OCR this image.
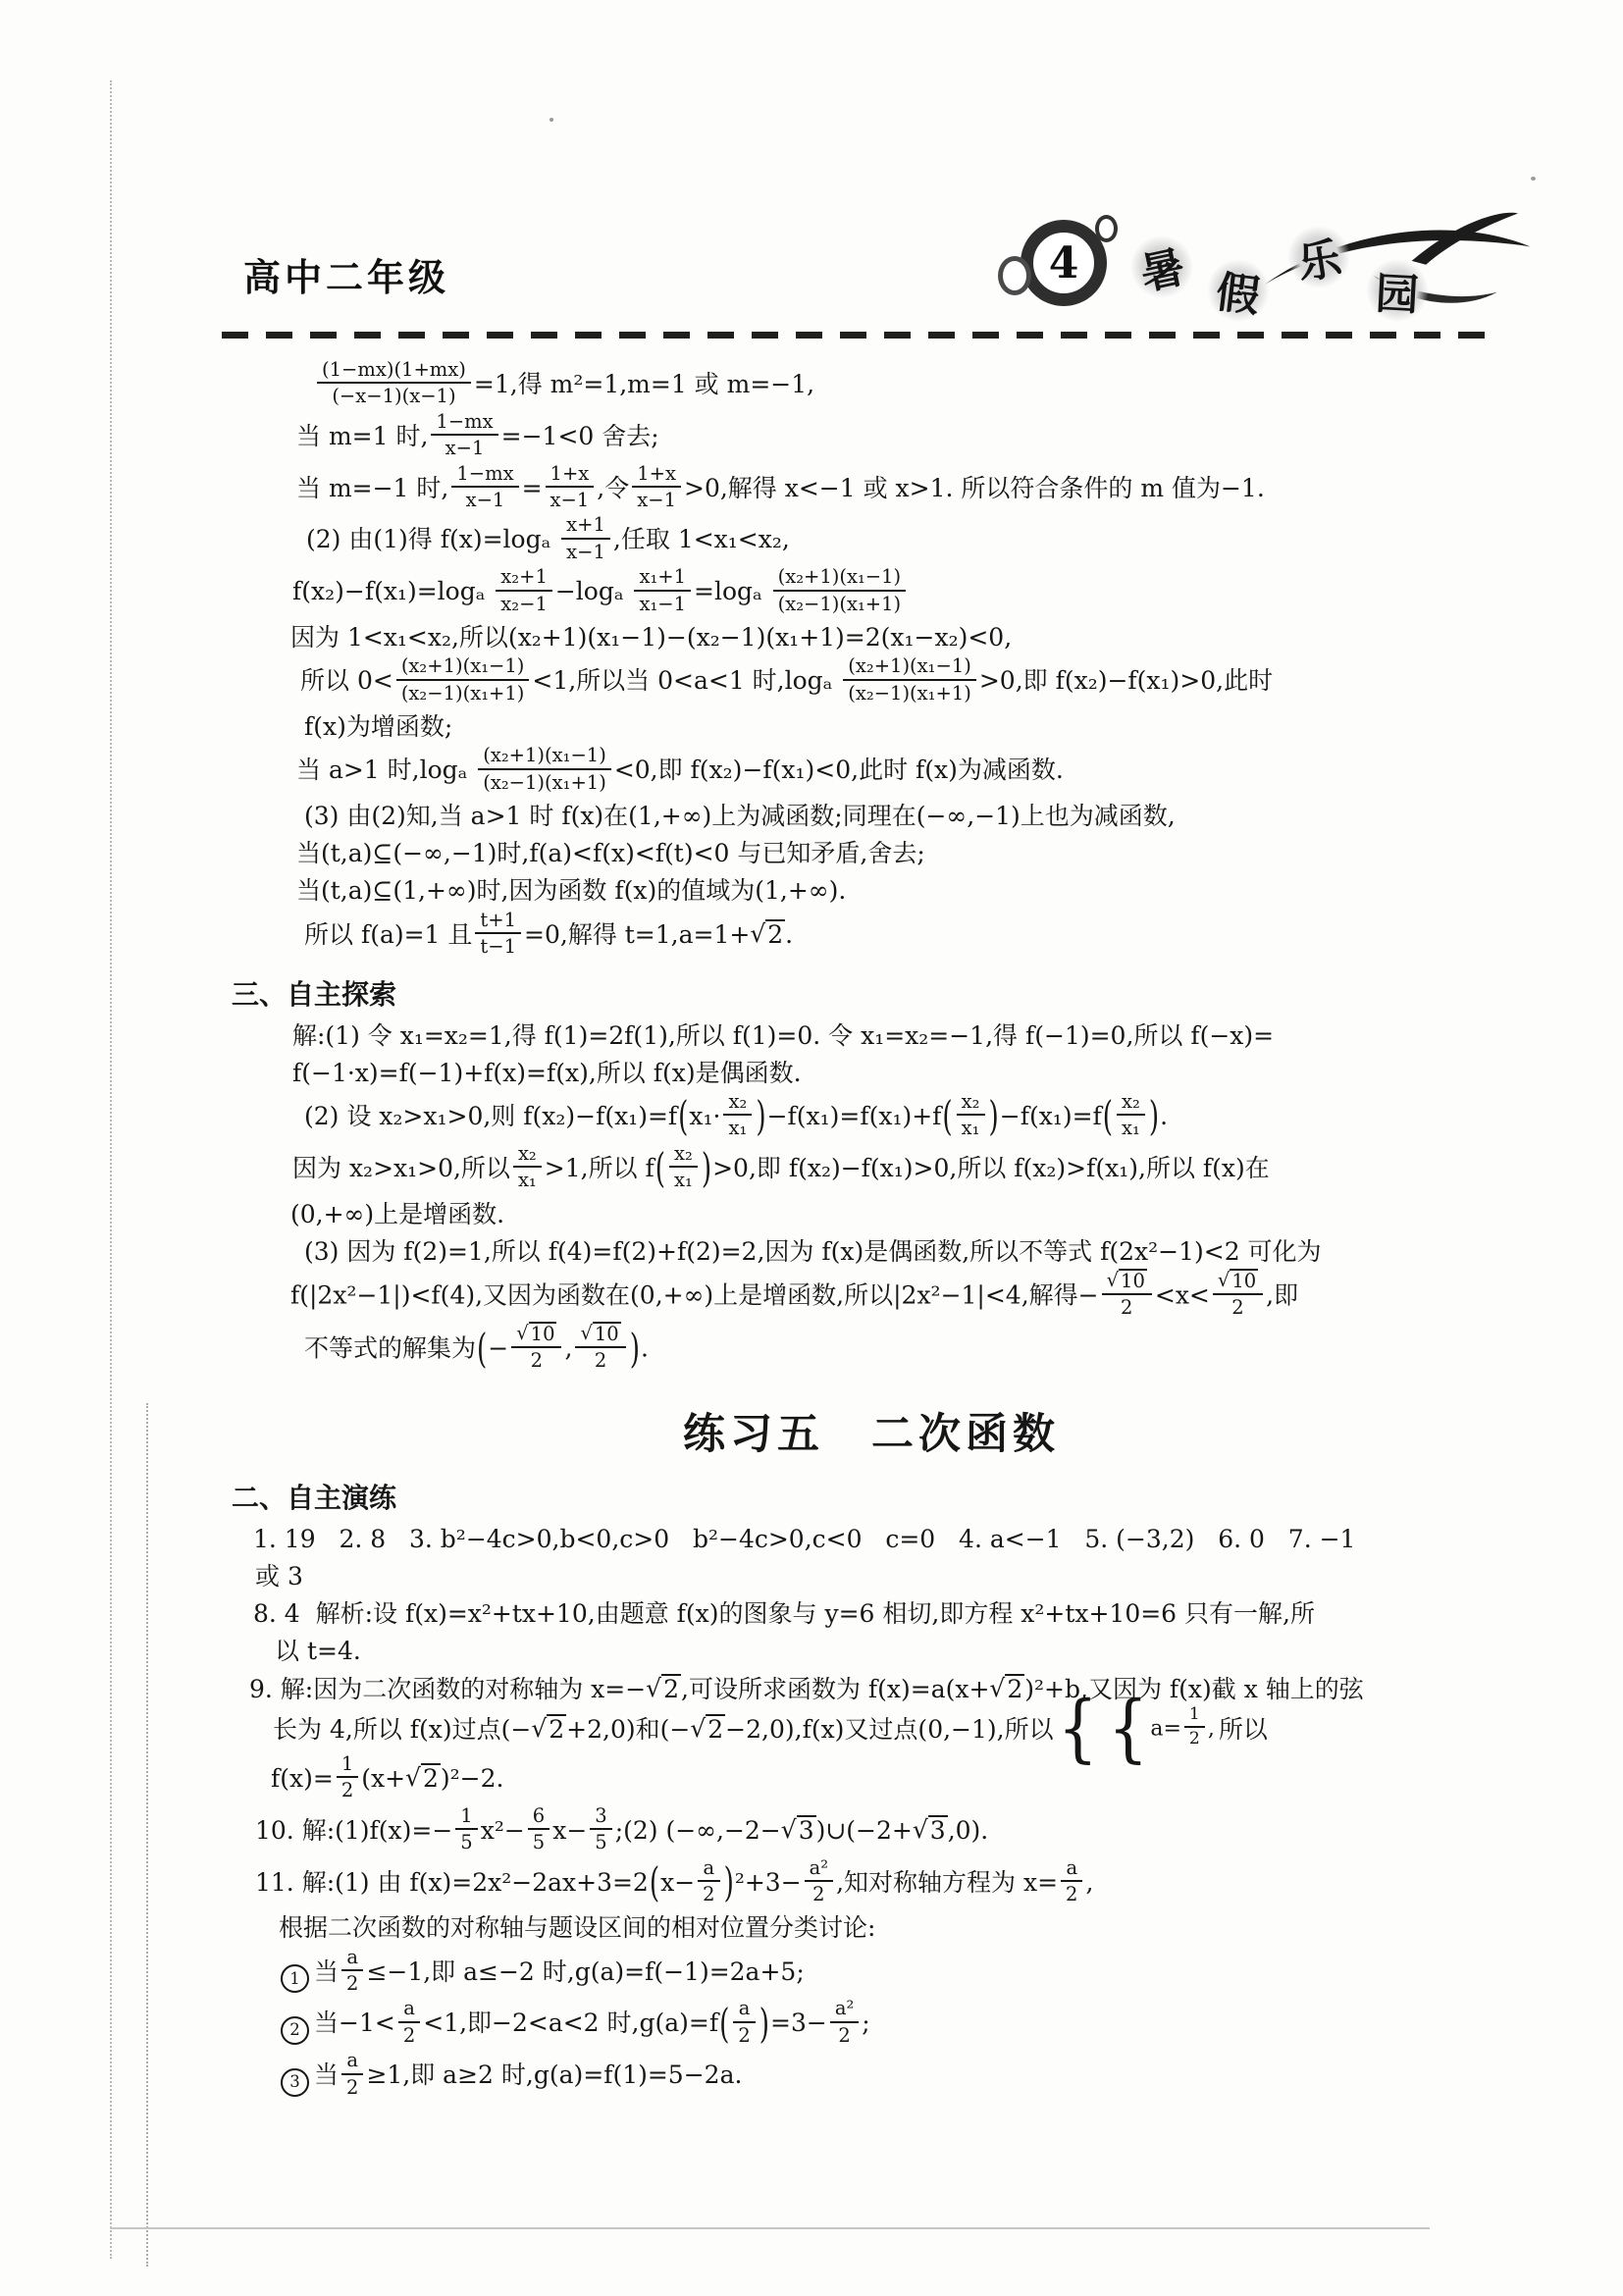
高中二年级	4 暑 假
乐
园
$\frac{(1-mx)(1+mx)}{(-x-1)(x-1)} =1$,得 m²=1,m=1 或 m=−1,
当 m=1 时, $\frac{1-mx}{x-1} =-1<0$ 舍去;
当 m=−1 时, $\frac{1-mx}{x-1} = \frac{1+x}{x-1}$ ,令 $\frac{1+x}{x-1} >0$,解得 x<−1 或 x>1. 所以符合条件的 m 值为−1.
(2) 由(1)得 $f(x)=\log_a \frac{x+1}{x-1}$ ,任取 1<x₁<x₂,
$f(x_2)-f(x_1)=\log_a \frac{\text{x₂+1}}{\text{x₂−1}} -\log_a \frac{\text{x₁+1}}{\text{x₁−1}} =\log_a \frac{\text{(x₂+1)(x₁−1)}}{\text{(x₂−1)(x₁+1)}}$
因为 1<x₁<x₂,所以(x₂+1)(x₁−1)−(x₂−1)(x₁+1)=2(x₁−x₂)<0,
所以 $0< \frac{\text{(x₂+1)(x₁−1)}}{\text{(x₂−1)(x₁+1)}} <1$,所以当 0<a<1 时$,\log_a \frac{\text{(x₂+1)(x₁−1)}}{\text{(x₂−1)(x₁+1)}} >0$,即 f(x₂)−f(x₁)>0,此时
f(x)为增函数;
当 a>1 时$,\log_a \frac{\text{(x₂+1)(x₁−1)}}{\text{(x₂−1)(x₁+1)}} <0$,即 f(x₂)−f(x₁)<0,此时 f(x)为减函数.
(3) 由(2)知,当 a>1 时 f(x)在(1,+∞)上为减函数;同理在(−∞,−1)上也为减函数,
当(t,a)⊆(−∞,−1)时,f(a)<f(x)<f(t)<0 与已知矛盾,舍去;
当(t,a)⊆(1,+∞)时,因为函数 f(x)的值域为(1,+∞).
所以 f(a)=1 且 $\frac{t+1}{t-1} =0$,解得 t=1,a=1+√2.
三、自主探索
解:(1) 令 x₁=x₂=1,得 f(1)=2f(1),所以 f(1)=0. 令 x₁=x₂=−1,得 f(−1)=0,所以 f(−x)=
f(−1·x)=f(−1)+f(x)=f(x),所以 f(x)是偶函数.
(2) 设 x₂>x₁>0,则 $f(x_2)-f(x_1)=f(x_1\cdot \frac{\text{x₂}}{\text{x₁}} )-f(x_1)=f(x_1)+f( \frac{\text{x₂}}{\text{x₁}} )-f(x_1)=f( \frac{\text{x₂}}{\text{x₁}}$ ).
因为 x₂>x₁>0,所以 $\frac{\text{x₂}}{\text{x₁}} >1$,所以 $f( \frac{\text{x₂}}{\text{x₁}} )>0$,即 f(x₂)−f(x₁)>0,所以 f(x₂)>f(x₁),所以 f(x)在
(0,+∞)上是增函数.
(3) 因为 f(2)=1,所以 f(4)=f(2)+f(2)=2,因为 f(x)是偶函数,所以不等式 f(2x²−1)<2 可化为
f(|2x²−1|)<f(4),又因为函数在(0,+∞)上是增函数,所以|2x²−1|<4,解得− $\frac{√ 10}{2} <x< \frac{√ 10}{2}$ ,即
不等式的解集为(− $\frac{√ 10}{2}$ , $\frac{√ 10}{2}$ ).
练习五　二次函数
二、自主演练
1. 19   2. 8   3. b²−4c>0,b<0,c>0   b²−4c>0,c<0   c=0   4. a<−1   5. (−3,2)   6. 0   7. −1
或 3
8. 4  解析:设 f(x)=x²+tx+10,由题意 f(x)的图象与 y=6 相切,即方程 x²+tx+10=6 只有一解,所
以 t=4.
9. 解:因为二次函数的对称轴为 x=−√2,可设所求函数为 f(x)=a(x+√2)²+b,又因为 f(x)截 x 轴上的弦
长为 4,所以 f(x)过点(−√2+2,0)和(−√2−2,0),f(x)又过点(0,−1),所以 { { $a= \frac{1}{2}$ , 所以
$f(x)= \frac{1}{2} (x+√2)^2-2$.
10. 解:(1)f(x)=− $\frac{1}{5} x^2- \frac{6}{5} x- \frac{3}{5}$ ;(2) (−∞,−2−√3)∪(−2+√3,0).
11. 解:(1) 由 $f(x)=2x^2-2ax+3=2(x- \frac{a}{2} )^2+3- \frac{\text{a²}}{2}$ ,知对称轴方程为 $x= \frac{a}{2}$ ,
根据二次函数的对称轴与题设区间的相对位置分类讨论:
1 当 $\frac{a}{2} \le-1$,即 a≤−2 时,g(a)=f(−1)=2a+5;
2 当$-1< \frac{a}{2} <1$,即−2<a<2 时$,g(a)=f( \frac{a}{2} )=3- \frac{\text{a²}}{2}$ ;
3 当 $\frac{a}{2} \ge 1$,即 a≥2 时,g(a)=f(1)=5−2a.
